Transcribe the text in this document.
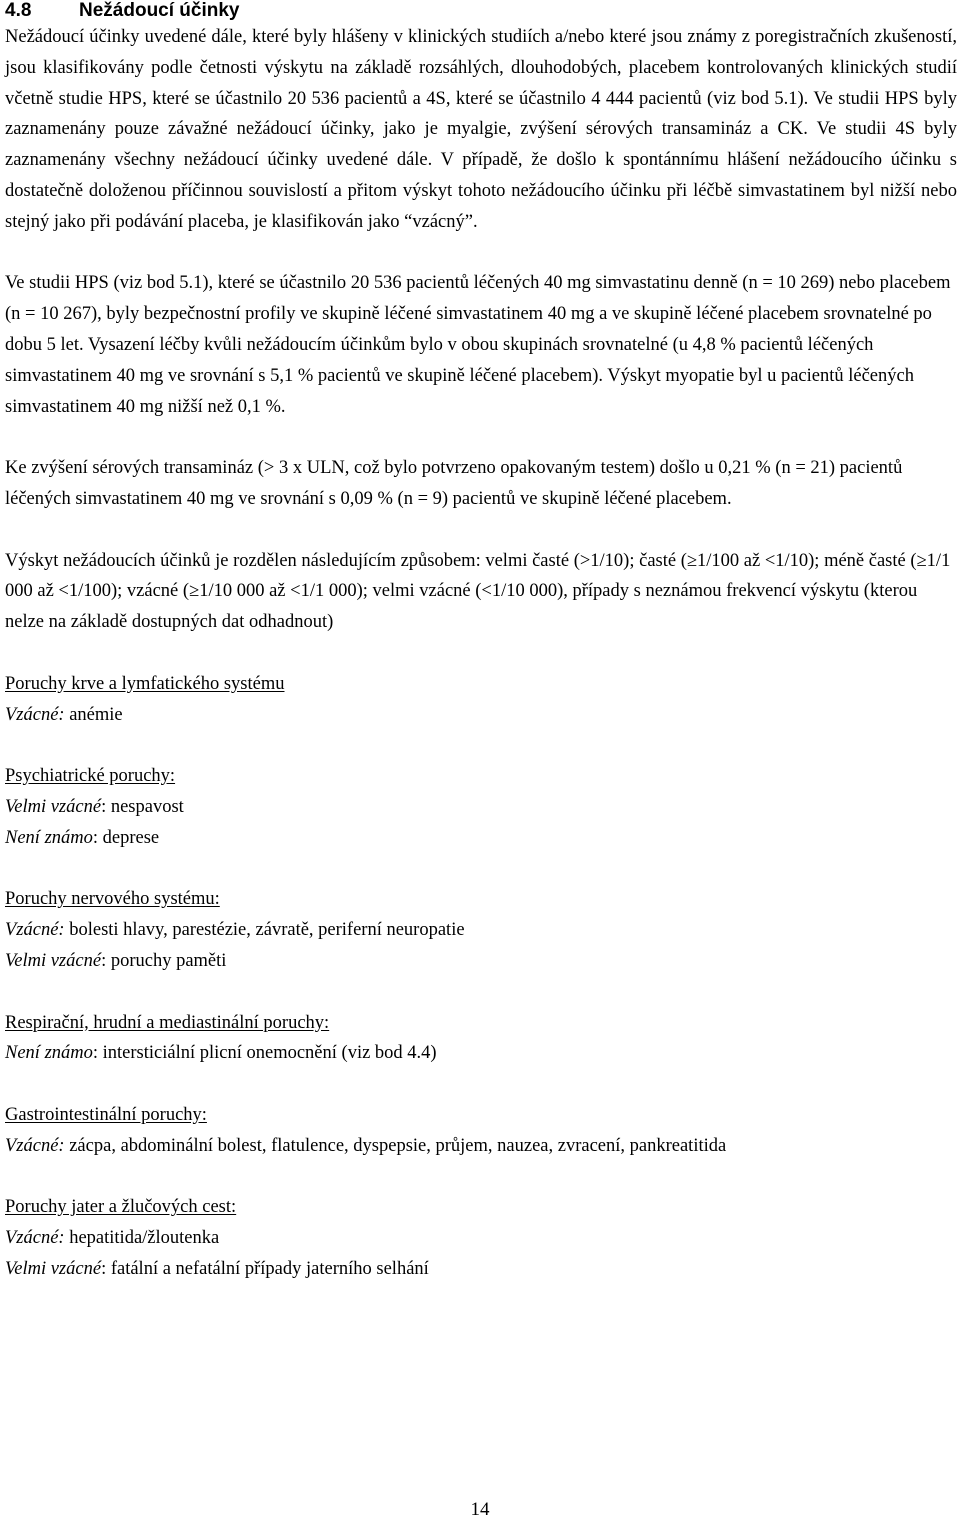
4.8	Nežádoucí účinky

Nežádoucí účinky uvedené dále, které byly hlášeny v klinických studiích a/nebo které jsou známy z poregistračních zkušeností, jsou klasifikovány podle četnosti výskytu na základě rozsáhlých, dlouhodobých, placebem kontrolovaných klinických studií včetně studie HPS, které se účastnilo 20 536 pacientů a 4S, které se účastnilo 4 444 pacientů (viz bod 5.1). Ve studii HPS byly zaznamenány pouze závažné nežádoucí účinky, jako je myalgie, zvýšení sérových transamináz a CK. Ve studii 4S byly zaznamenány všechny nežádoucí účinky uvedené dále. V případě, že došlo k spontánnímu hlášení nežádoucího účinku s dostatečně doloženou příčinnou souvislostí a přitom výskyt tohoto nežádoucího účinku při léčbě simvastatinem byl nižší nebo stejný jako při podávání placeba, je klasifikován jako “vzácný”.

Ve studii HPS (viz bod 5.1), které se účastnilo 20 536 pacientů léčených 40 mg simvastatinu denně (n = 10 269) nebo placebem (n = 10 267), byly bezpečnostní profily ve skupině léčené simvastatinem 40 mg a ve skupině léčené placebem srovnatelné po dobu 5 let. Vysazení léčby kvůli nežádoucím účinkům bylo v obou skupinách srovnatelné (u 4,8 % pacientů léčených simvastatinem 40 mg ve srovnání s 5,1 % pacientů ve skupině léčené placebem). Výskyt myopatie byl u pacientů léčených simvastatinem 40 mg nižší než 0,1 %.

Ke zvýšení sérových transamináz (> 3 x ULN, což bylo potvrzeno opakovaným testem) došlo u 0,21 % (n = 21) pacientů léčených simvastatinem 40 mg ve srovnání s 0,09 % (n = 9) pacientů ve skupině léčené placebem.

Výskyt nežádoucích účinků je rozdělen následujícím způsobem: velmi časté (>1/10); časté (≥1/100 až <1/10); méně časté (≥1/1 000 až <1/100); vzácné (≥1/10 000 až <1/1 000); velmi vzácné (<1/10 000), případy s neznámou frekvencí výskytu (kterou nelze na základě dostupných dat odhadnout)

Poruchy krve a lymfatického systému

Vzácné: anémie

Psychiatrické poruchy:

Velmi vzácné: nespavost

Není známo: deprese

Poruchy nervového systému:

Vzácné: bolesti hlavy, parestézie, závratě, periferní neuropatie

Velmi vzácné: poruchy paměti

Respirační, hrudní a mediastinální poruchy:

Není známo: intersticiální plicní onemocnění (viz bod 4.4)

Gastrointestinální poruchy:

Vzácné: zácpa, abdominální bolest, flatulence, dyspepsie, průjem, nauzea, zvracení, pankreatitida

Poruchy jater a žlučových cest:

Vzácné: hepatitida/žloutenka

Velmi vzácné: fatální a nefatální případy jaterního selhání

14
